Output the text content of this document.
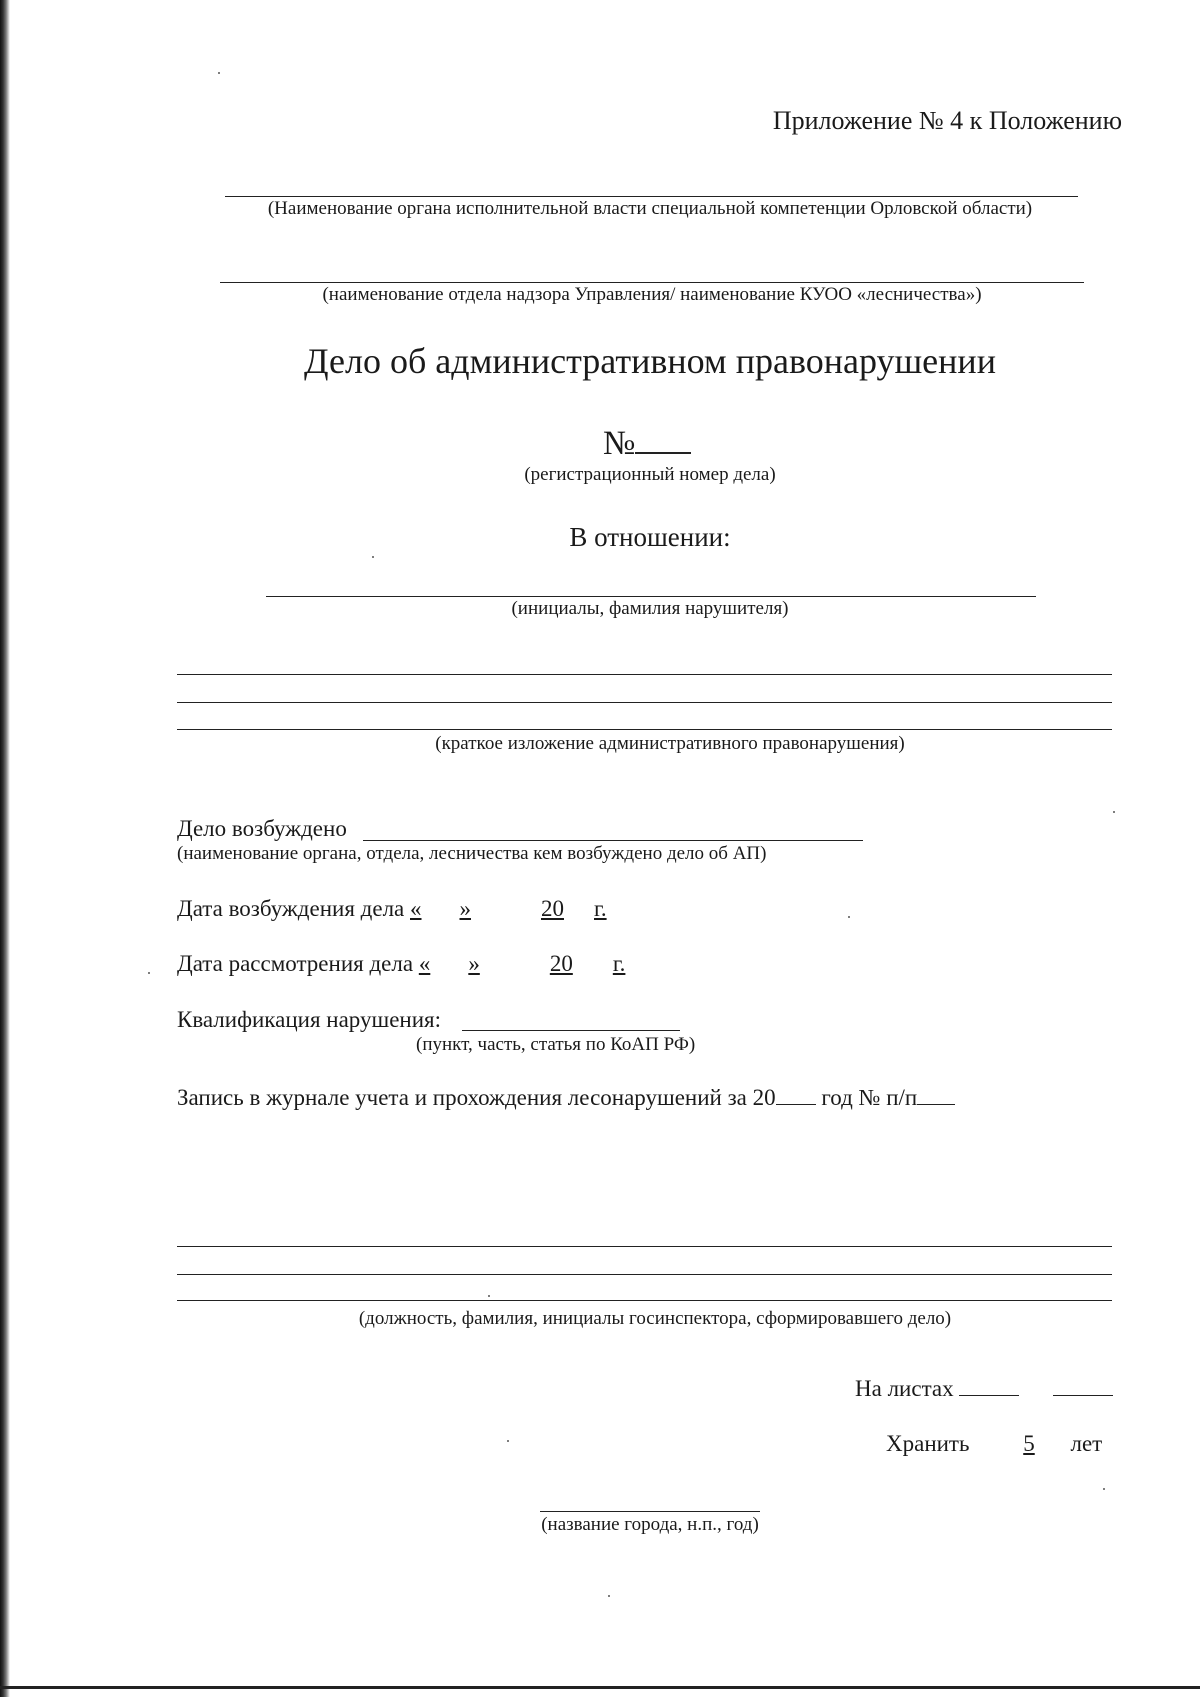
Приложение № 4 к Положению
(Наименование органа исполнительной власти специальной компетенции Орловской области)
(наименование отдела надзора Управления/ наименование КУОО «лесничества»)
Дело об административном правонарушении
№
(регистрационный номер дела)
В отношении:
(инициалы, фамилия нарушителя)
(краткое изложение административного правонарушения)
Дело возбуждено
(наименование органа, отдела, лесничества кем возбуждено дело об АП)
Дата возбуждения дела « »	20 г.
Дата рассмотрения дела « »	20 г.
Квалификация нарушения:
(пункт, часть, статья по КоАП РФ)
Запись в журнале учета и прохождения лесонарушений за 20 год № п/п
(должность, фамилия, инициалы госинспектора, сформировавшего дело)
На листах
Хранить 5 лет
(название города, н.п., год)
